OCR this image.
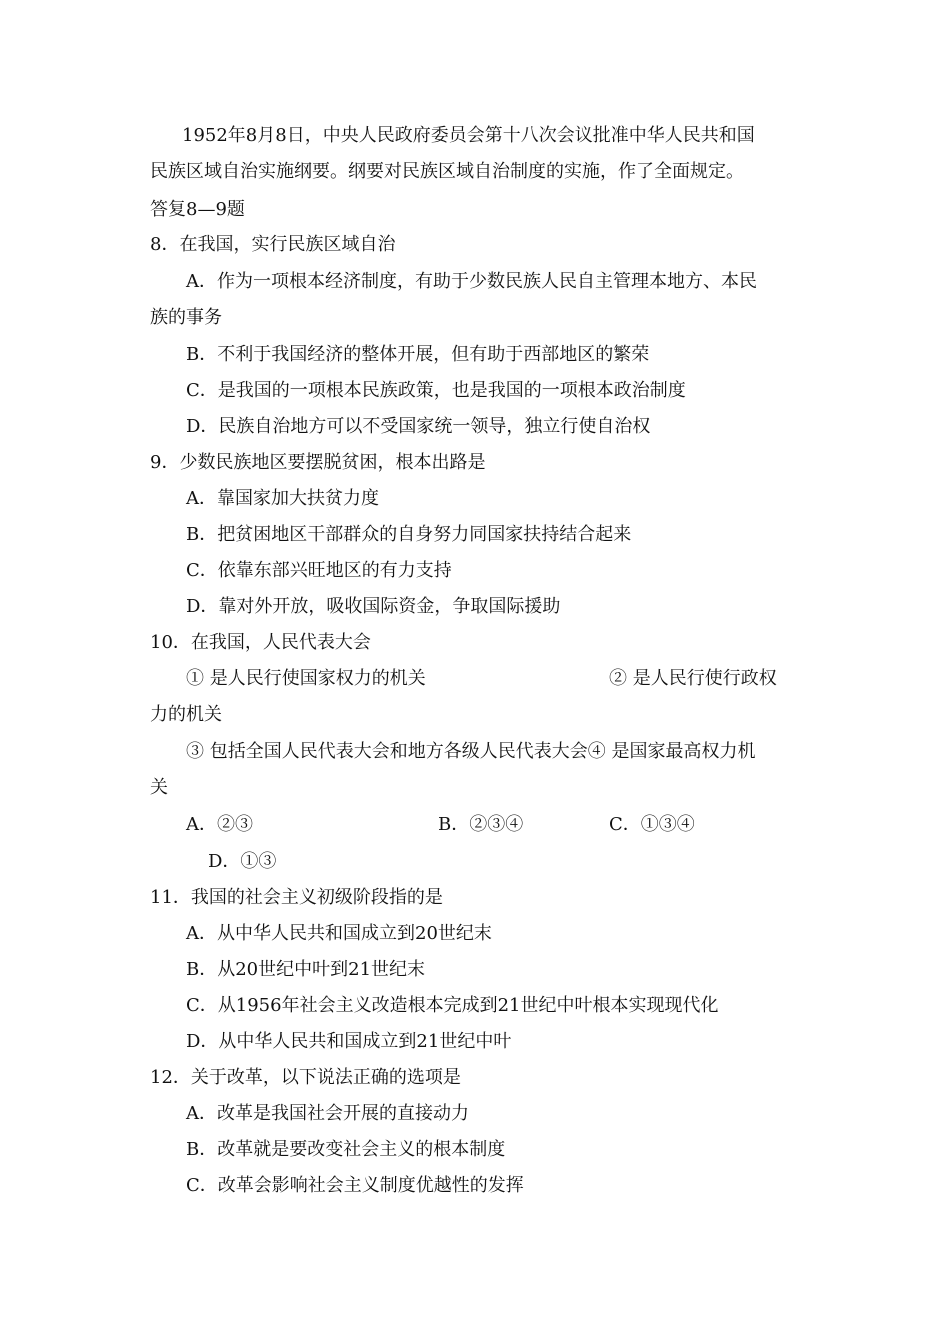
1952年8月8日，中央人民政府委员会第十八次会议批准中华人民共和国
民族区域自治实施纲要。纲要对民族区域自治制度的实施，作了全面规定。
答复8—9题
8．在我国，实行民族区域自治
A．作为一项根本经济制度，有助于少数民族人民自主管理本地方、本民
族的事务
B．不利于我国经济的整体开展，但有助于西部地区的繁荣
C．是我国的一项根本民族政策，也是我国的一项根本政治制度
D．民族自治地方可以不受国家统一领导，独立行使自治权
9．少数民族地区要摆脱贫困，根本出路是
A．靠国家加大扶贫力度
B．把贫困地区干部群众的自身努力同国家扶持结合起来
C．依靠东部兴旺地区的有力支持
D．靠对外开放，吸收国际资金，争取国际援助
10．在我国，人民代表大会
① 是人民行使国家权力的机关	② 是人民行使行政权
力的机关
③ 包括全国人民代表大会和地方各级人民代表大会④ 是国家最高权力机
关
A．②③	B．②③④	C．①③④
D．①③
11．我国的社会主义初级阶段指的是
A．从中华人民共和国成立到20世纪末
B．从20世纪中叶到21世纪末
C．从1956年社会主义改造根本完成到21世纪中叶根本实现现代化
D．从中华人民共和国成立到21世纪中叶
12．关于改革，以下说法正确的选项是
A．改革是我国社会开展的直接动力
B．改革就是要改变社会主义的根本制度
C．改革会影响社会主义制度优越性的发挥
